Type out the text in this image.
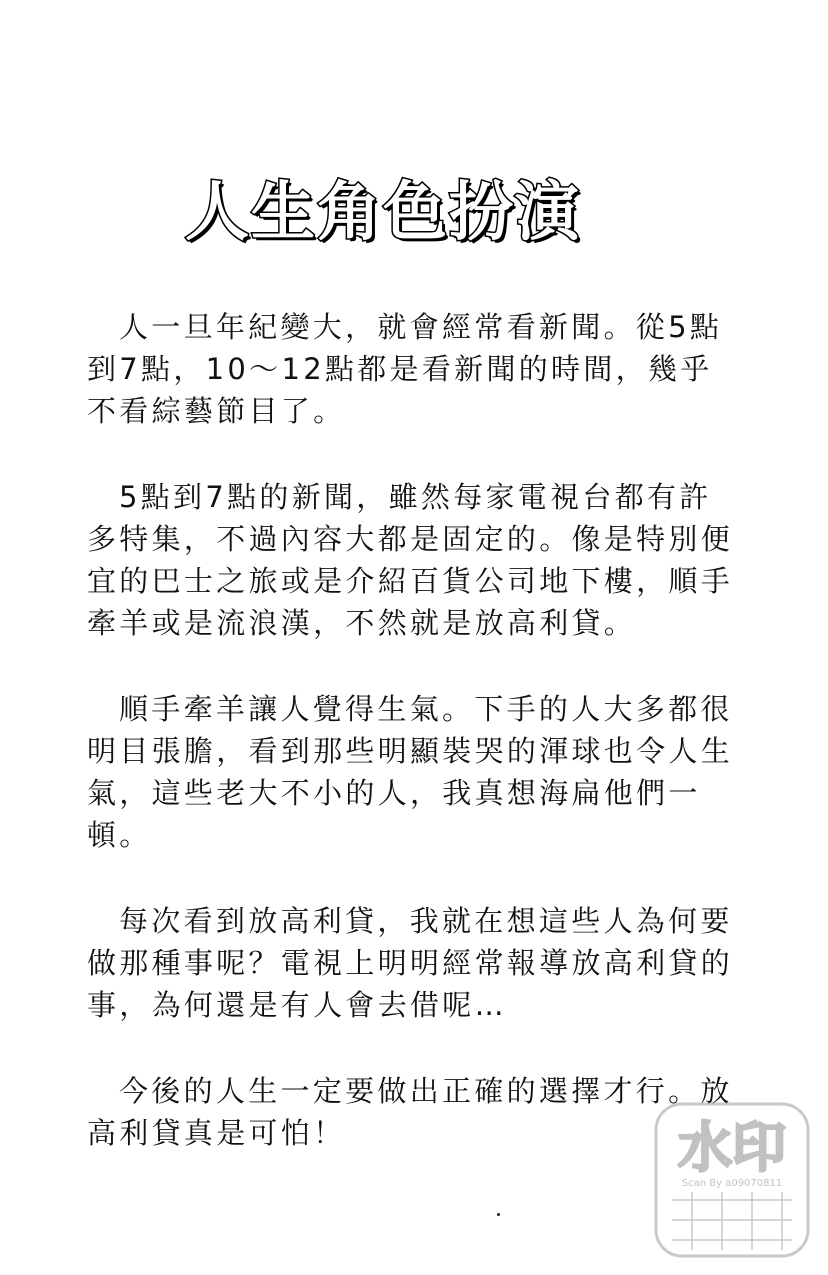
人生角色扮演

人一旦年紀變大，就會經常看新聞。從5點到7點，10～12點都是看新聞的時間，幾乎不看綜藝節目了。

5點到7點的新聞，雖然每家電視台都有許多特集，不過內容大都是固定的。像是特別便宜的巴士之旅或是介紹百貨公司地下樓，順手牽羊或是流浪漢，不然就是放高利貸。

順手牽羊讓人覺得生氣。下手的人大多都很明目張膽，看到那些明顯裝哭的渾球也令人生氣，這些老大不小的人，我真想海扁他們一頓。

每次看到放高利貸，我就在想這些人為何要做那種事呢？電視上明明經常報導放高利貸的事，為何還是有人會去借呢…

今後的人生一定要做出正確的選擇才行。放高利貸真是可怕！	水印
Scan By a09070811
